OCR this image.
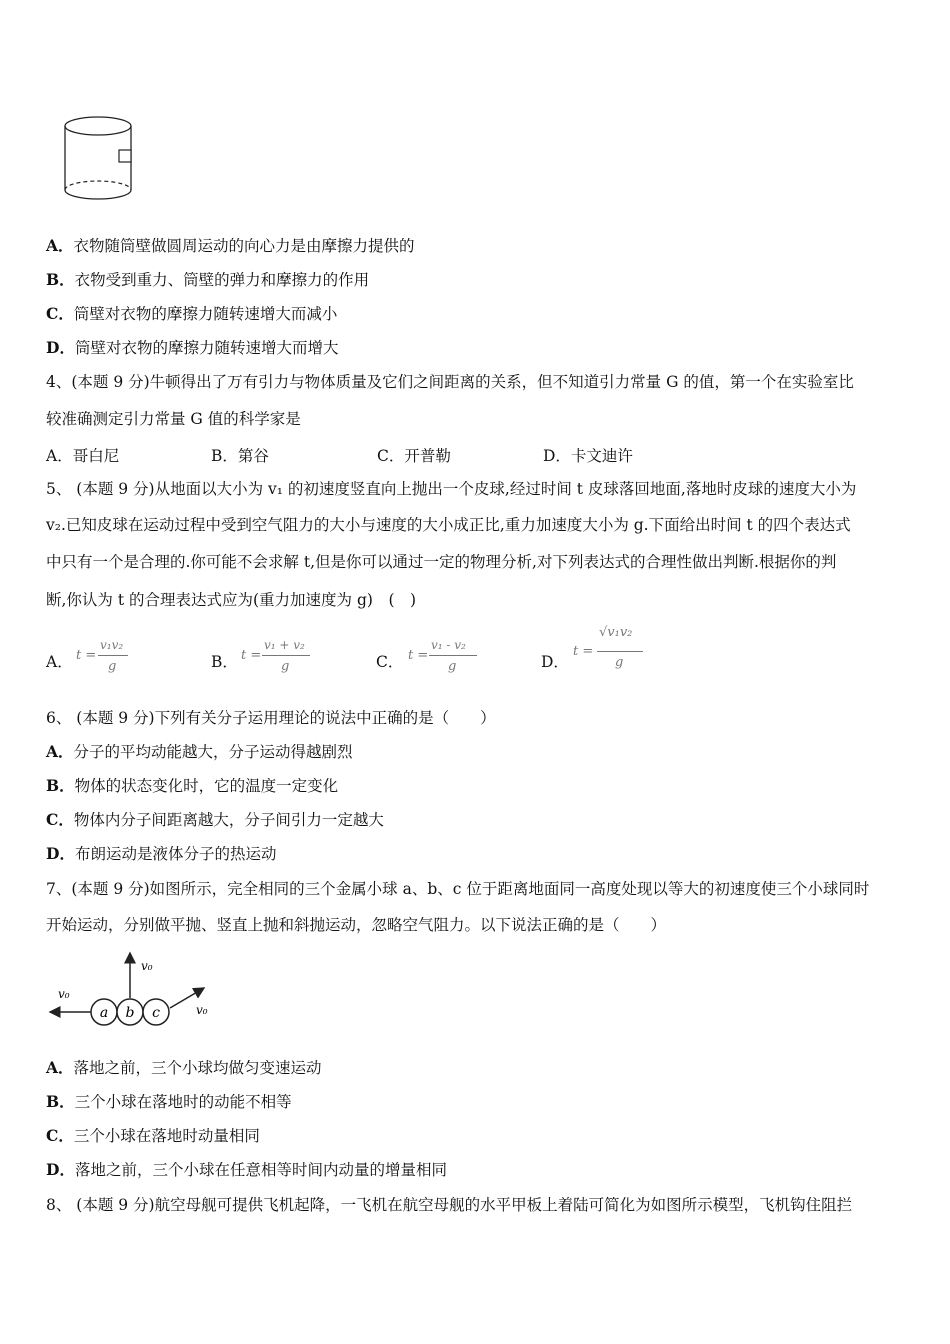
A．衣物随筒壁做圆周运动的向心力是由摩擦力提供的
B．衣物受到重力、筒壁的弹力和摩擦力的作用
C．筒壁对衣物的摩擦力随转速增大而减小
D．筒壁对衣物的摩擦力随转速增大而增大
4、(本题 9 分)牛顿得出了万有引力与物体质量及它们之间距离的关系，但不知道引力常量 G 的值，第一个在实验室比
较准确测定引力常量 G 值的科学家是
A．哥白尼	B．第谷	C．开普勒	D．卡文迪许
5、 (本题 9 分)从地面以大小为 v₁ 的初速度竖直向上抛出一个皮球,经过时间 t 皮球落回地面,落地时皮球的速度大小为
v₂.已知皮球在运动过程中受到空气阻力的大小与速度的大小成正比,重力加速度大小为 g.下面给出时间 t 的四个表达式
中只有一个是合理的.你可能不会求解 t,但是你可以通过一定的物理分析,对下列表达式的合理性做出判断.根据你的判
断,你认为 t 的合理表达式应为(重力加速度为 g)　(　)
A． t =
v₁v₂
g	B． t =
v₁ + v₂
g	C． t =
v₁ - v₂
g	D．
t =
√v₁v₂
g
6、 (本题 9 分)下列有关分子运用理论的说法中正确的是（　　）
A．分子的平均动能越大，分子运动得越剧烈
B．物体的状态变化时，它的温度一定变化
C．物体内分子间距离越大，分子间引力一定越大
D．布朗运动是液体分子的热运动
7、(本题 9 分)如图所示，完全相同的三个金属小球 a、b、c 位于距离地面同一高度处现以等大的初速度使三个小球同时
开始运动，分别做平抛、竖直上抛和斜抛运动，忽略空气阻力。以下说法正确的是（　　）
a b c
v₀
v₀
v₀
A．落地之前，三个小球均做匀变速运动
B．三个小球在落地时的动能不相等
C．三个小球在落地时动量相同
D．落地之前，三个小球在任意相等时间内动量的增量相同
8、 (本题 9 分)航空母舰可提供飞机起降，一飞机在航空母舰的水平甲板上着陆可简化为如图所示模型，飞机钩住阻拦
